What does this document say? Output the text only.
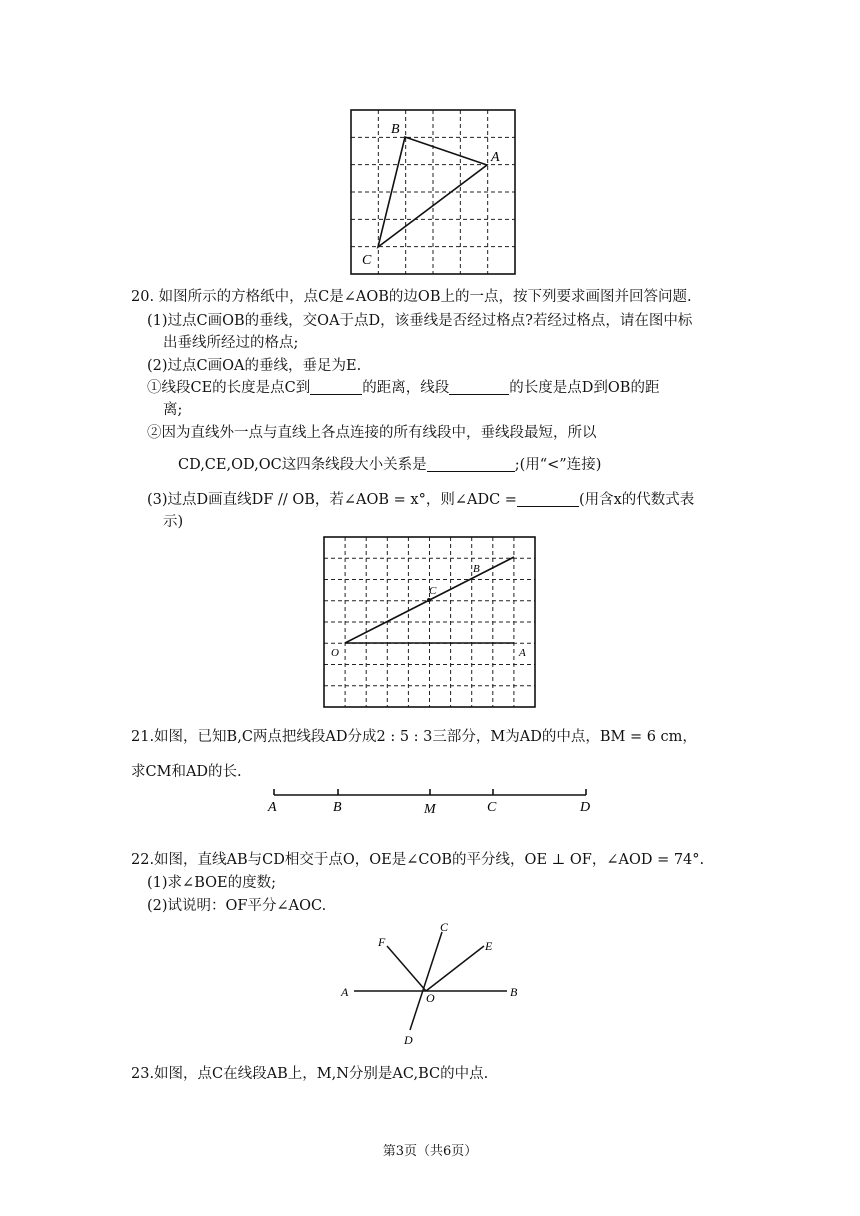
B
A
C
20. 如图所示的方格纸中，点C是∠AOB的边OB上的一点，按下列要求画图并回答问题.
(1)过点C画OB的垂线，交OA于点D，该垂线是否经过格点?若经过格点，请在图中标
出垂线所经过的格点;
(2)过点C画OA的垂线，垂足为E.
①线段CE的长度是点C到	的距离，线段	的长度是点D到OB的距
离;
②因为直线外一点与直线上各点连接的所有线段中，垂线段最短，所以
CD,CE,OD,OC这四条线段大小关系是	;(用“<”连接)
(3)过点D画直线DF // OB，若∠AOB = x°，则∠ADC =	(用含x的代数式表
示)
O	A
B
C
21.如图，已知B,C两点把线段AD分成2 : 5 : 3三部分，M为AD的中点，BM = 6 cm，
求CM和AD的长.
A	B	M	C	D
22.如图，直线AB与CD相交于点O，OE是∠COB的平分线，OE ⊥ OF，∠AOD = 74°.
(1)求∠BOE的度数;
(2)试说明：OF平分∠AOC.
A	B
C
D
E
F
O
23.如图，点C在线段AB上，M,N分别是AC,BC的中点.
第3页（共6页）
